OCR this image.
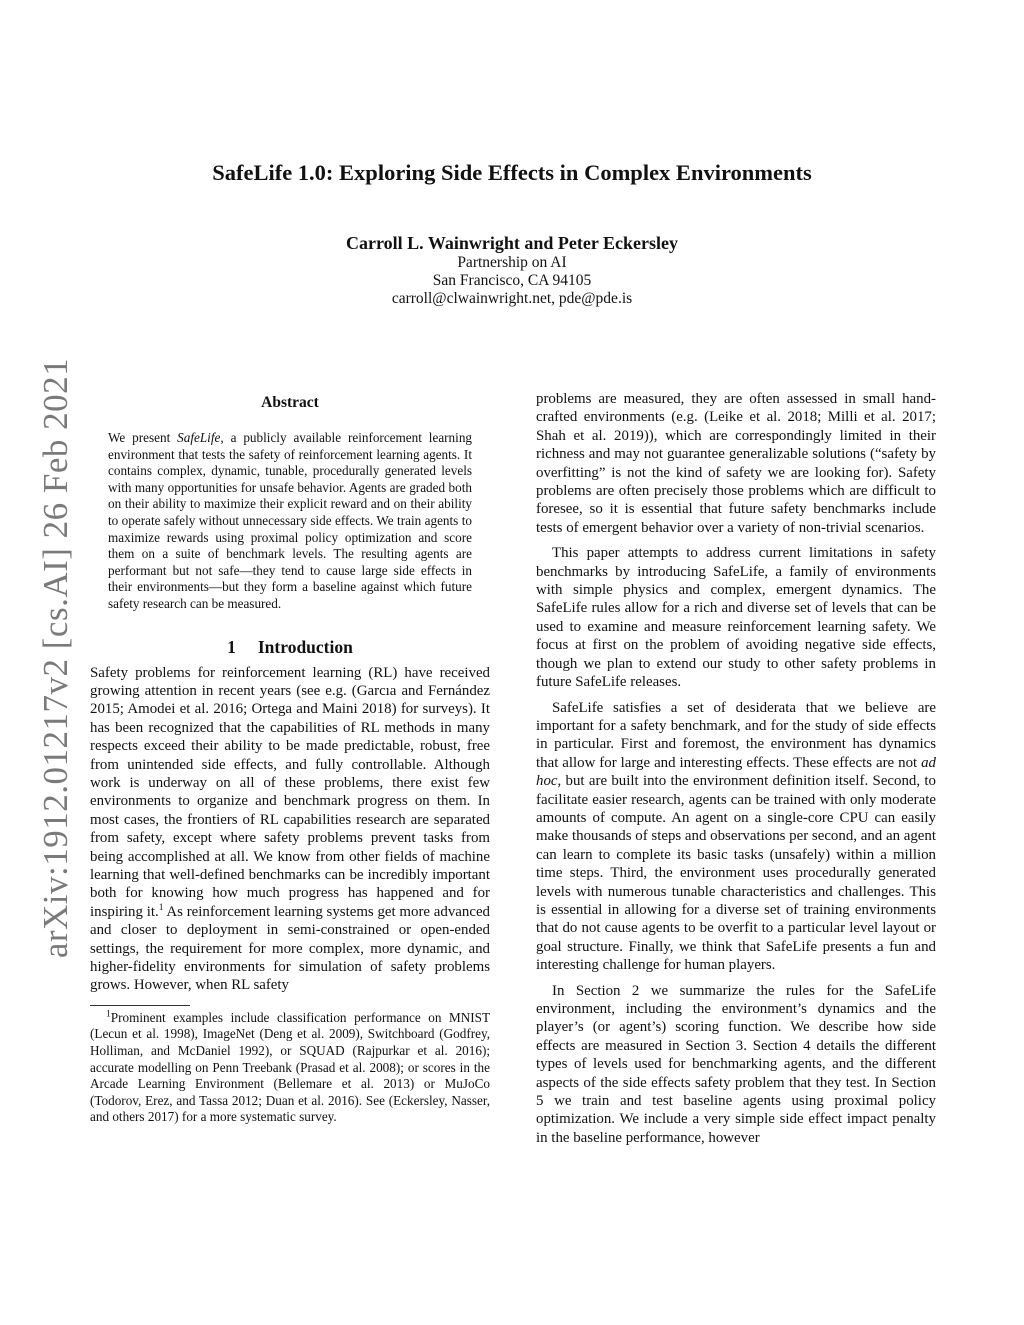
arXiv:1912.01217v2 [cs.AI] 26 Feb 2021
SafeLife 1.0: Exploring Side Effects in Complex Environments
Carroll L. Wainwright and Peter Eckersley
Partnership on AI
San Francisco, CA 94105
carroll@clwainwright.net, pde@pde.is
Abstract

We present SafeLife, a publicly available reinforcement learning environment that tests the safety of reinforcement learning agents. It contains complex, dynamic, tunable, procedurally generated levels with many opportunities for unsafe behavior. Agents are graded both on their ability to maximize their explicit reward and on their ability to operate safely without unnecessary side effects. We train agents to maximize rewards using proximal policy optimization and score them on a suite of benchmark levels. The resulting agents are performant but not safe—they tend to cause large side effects in their environments—but they form a baseline against which future safety research can be measured.

1 Introduction

Safety problems for reinforcement learning (RL) have received growing attention in recent years (see e.g. (Garcıa and Fernández 2015; Amodei et al. 2016; Ortega and Maini 2018) for surveys). It has been recognized that the capabilities of RL methods in many respects exceed their ability to be made predictable, robust, free from unintended side effects, and fully controllable. Although work is underway on all of these problems, there exist few environments to organize and benchmark progress on them. In most cases, the frontiers of RL capabilities research are separated from safety, except where safety problems prevent tasks from being accomplished at all. We know from other fields of machine learning that well-defined benchmarks can be incredibly important both for knowing how much progress has happened and for inspiring it.$^1$ As reinforcement learning systems get more advanced and closer to deployment in semi-constrained or open-ended settings, the requirement for more complex, more dynamic, and higher-fidelity environments for simulation of safety problems grows. However, when RL safety

$^1$Prominent examples include classification performance on MNIST (Lecun et al. 1998), ImageNet (Deng et al. 2009), Switchboard (Godfrey, Holliman, and McDaniel 1992), or SQUAD (Rajpurkar et al. 2016); accurate modelling on Penn Treebank (Prasad et al. 2008); or scores in the Arcade Learning Environment (Bellemare et al. 2013) or MuJoCo (Todorov, Erez, and Tassa 2012; Duan et al. 2016). See (Eckersley, Nasser, and others 2017) for a more systematic survey.

problems are measured, they are often assessed in small hand-crafted environments (e.g. (Leike et al. 2018; Milli et al. 2017; Shah et al. 2019)), which are correspondingly limited in their richness and may not guarantee generalizable solutions (“safety by overfitting” is not the kind of safety we are looking for). Safety problems are often precisely those problems which are difficult to foresee, so it is essential that future safety benchmarks include tests of emergent behavior over a variety of non-trivial scenarios.

This paper attempts to address current limitations in safety benchmarks by introducing SafeLife, a family of environments with simple physics and complex, emergent dynamics. The SafeLife rules allow for a rich and diverse set of levels that can be used to examine and measure reinforcement learning safety. We focus at first on the problem of avoiding negative side effects, though we plan to extend our study to other safety problems in future SafeLife releases.

SafeLife satisfies a set of desiderata that we believe are important for a safety benchmark, and for the study of side effects in particular. First and foremost, the environment has dynamics that allow for large and interesting effects. These effects are not ad hoc, but are built into the environment definition itself. Second, to facilitate easier research, agents can be trained with only moderate amounts of compute. An agent on a single-core CPU can easily make thousands of steps and observations per second, and an agent can learn to complete its basic tasks (unsafely) within a million time steps. Third, the environment uses procedurally generated levels with numerous tunable characteristics and challenges. This is essential in allowing for a diverse set of training environments that do not cause agents to be overfit to a particular level layout or goal structure. Finally, we think that SafeLife presents a fun and interesting challenge for human players.

In Section 2 we summarize the rules for the SafeLife environment, including the environment’s dynamics and the player’s (or agent’s) scoring function. We describe how side effects are measured in Section 3. Section 4 details the different types of levels used for benchmarking agents, and the different aspects of the side effects safety problem that they test. In Section 5 we train and test baseline agents using proximal policy optimization. We include a very simple side effect impact penalty in the baseline performance, however
